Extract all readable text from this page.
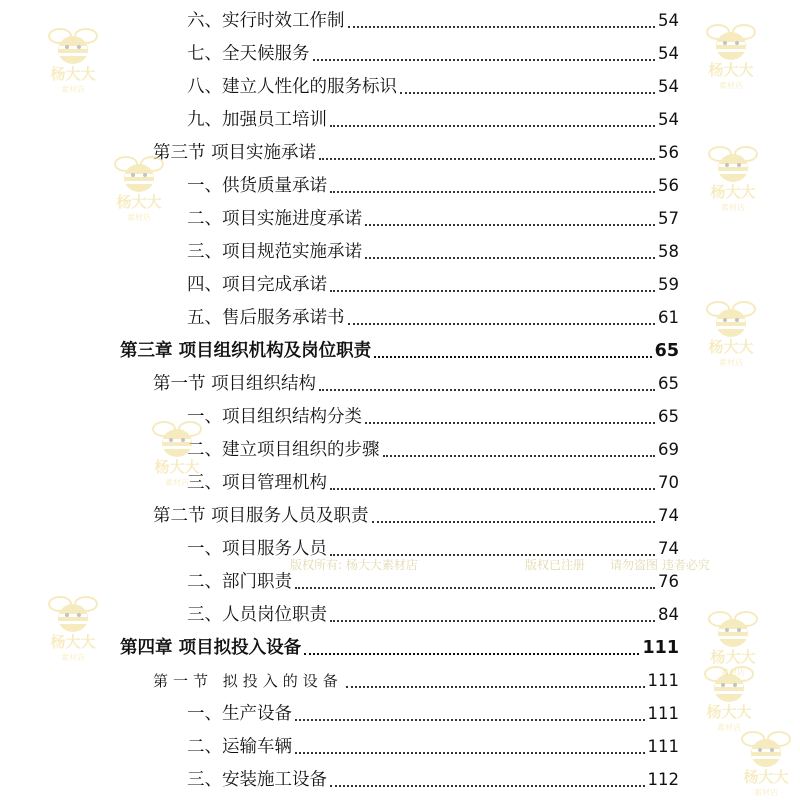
六、实行时效工作制	54
七、全天候服务	54
八、建立人性化的服务标识	54
九、加强员工培训	54
第三节 项目实施承诺	56
一、供货质量承诺	56
二、项目实施进度承诺	57
三、项目规范实施承诺	58
四、项目完成承诺	59
五、售后服务承诺书	61
第三章 项目组织机构及岗位职责	65
第一节 项目组织结构	65
一、项目组织结构分类	65
二、建立项目组织的步骤	69
三、项目管理机构	70
第二节 项目服务人员及职责	74
一、项目服务人员	74
二、部门职责	76
三、人员岗位职责	84
第四章 项目拟投入设备	111
第一节 拟投入的设备	111
一、生产设备	111
二、运输车辆	111
三、安装施工设备	112
版权所有: 杨大大素材店	版权已注册 请勿盗图 违者必究
杨大大
素材店
杨大大
素材店
杨大大
素材店
杨大大
素材店
杨大大
素材店
杨大大
素材店
杨大大
素材店
杨大大
素材店
杨大大
素材店
杨大大
素材店
